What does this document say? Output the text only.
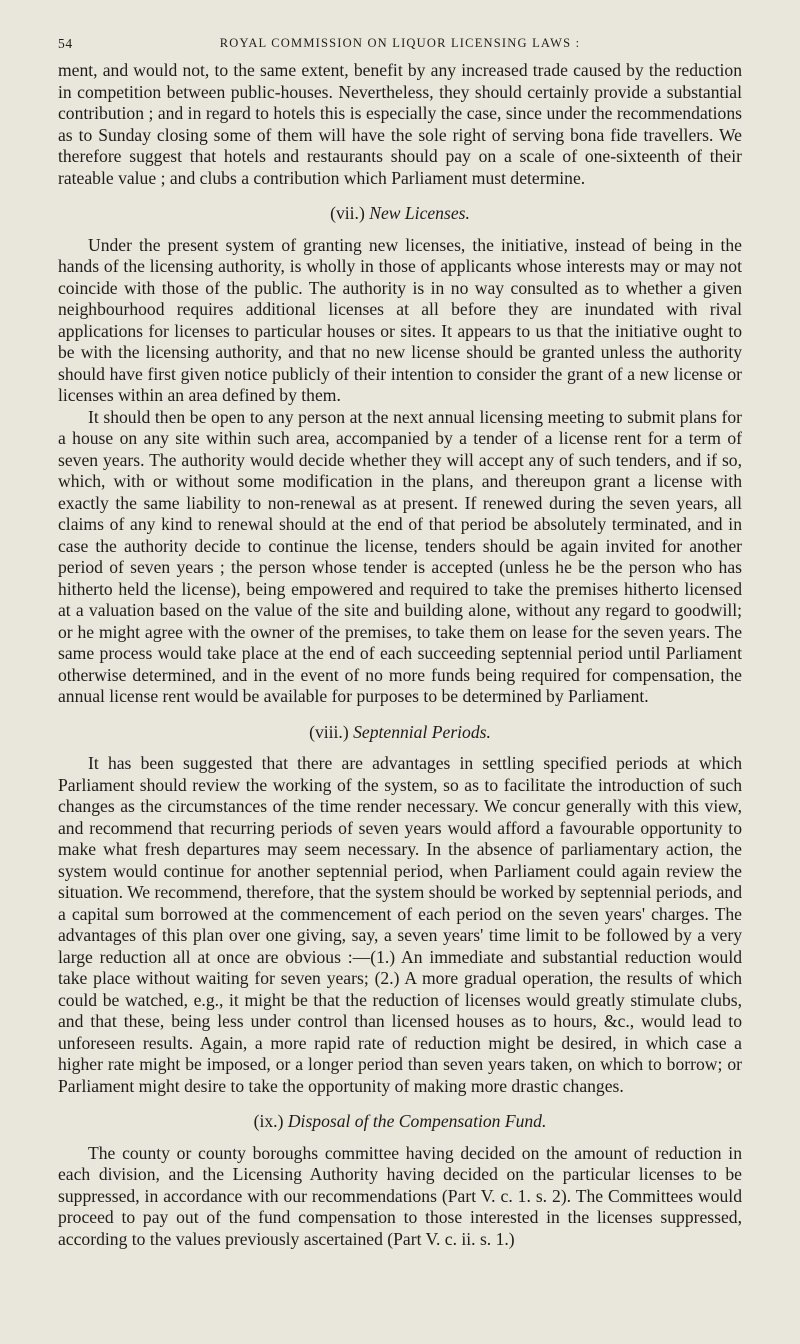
54	ROYAL COMMISSION ON LIQUOR LICENSING LAWS :

ment, and would not, to the same extent, benefit by any increased trade caused by the reduction in competition between public-houses. Nevertheless, they should certainly provide a substantial contribution ; and in regard to hotels this is especially the case, since under the recommendations as to Sunday closing some of them will have the sole right of serving bona fide travellers. We therefore suggest that hotels and restaurants should pay on a scale of one-sixteenth of their rateable value ; and clubs a contribution which Parliament must determine.

(vii.) New Licenses.

Under the present system of granting new licenses, the initiative, instead of being in the hands of the licensing authority, is wholly in those of applicants whose interests may or may not coincide with those of the public. The authority is in no way consulted as to whether a given neighbourhood requires additional licenses at all before they are inundated with rival applications for licenses to particular houses or sites. It appears to us that the initiative ought to be with the licensing authority, and that no new license should be granted unless the authority should have first given notice publicly of their intention to consider the grant of a new license or licenses within an area defined by them.

It should then be open to any person at the next annual licensing meeting to submit plans for a house on any site within such area, accompanied by a tender of a license rent for a term of seven years. The authority would decide whether they will accept any of such tenders, and if so, which, with or without some modification in the plans, and thereupon grant a license with exactly the same liability to non-renewal as at present. If renewed during the seven years, all claims of any kind to renewal should at the end of that period be absolutely terminated, and in case the authority decide to continue the license, tenders should be again invited for another period of seven years ; the person whose tender is accepted (unless he be the person who has hitherto held the license), being empowered and required to take the premises hitherto licensed at a valuation based on the value of the site and building alone, without any regard to goodwill; or he might agree with the owner of the premises, to take them on lease for the seven years. The same process would take place at the end of each succeeding septennial period until Parliament otherwise determined, and in the event of no more funds being required for compensation, the annual license rent would be available for purposes to be determined by Parliament.

(viii.) Septennial Periods.

It has been suggested that there are advantages in settling specified periods at which Parliament should review the working of the system, so as to facilitate the introduction of such changes as the circumstances of the time render necessary. We concur generally with this view, and recommend that recurring periods of seven years would afford a favourable opportunity to make what fresh departures may seem necessary. In the absence of parliamentary action, the system would continue for another septennial period, when Parliament could again review the situation. We recommend, therefore, that the system should be worked by septennial periods, and a capital sum borrowed at the commencement of each period on the seven years' charges. The advantages of this plan over one giving, say, a seven years' time limit to be followed by a very large reduction all at once are obvious :—(1.) An immediate and substantial reduction would take place without waiting for seven years; (2.) A more gradual operation, the results of which could be watched, e.g., it might be that the reduction of licenses would greatly stimulate clubs, and that these, being less under control than licensed houses as to hours, &c., would lead to unforeseen results. Again, a more rapid rate of reduction might be desired, in which case a higher rate might be imposed, or a longer period than seven years taken, on which to borrow; or Parliament might desire to take the opportunity of making more drastic changes.

(ix.) Disposal of the Compensation Fund.

The county or county boroughs committee having decided on the amount of reduction in each division, and the Licensing Authority having decided on the particular licenses to be suppressed, in accordance with our recommendations (Part V. c. 1. s. 2). The Committees would proceed to pay out of the fund compensation to those interested in the licenses suppressed, according to the values previously ascertained (Part V. c. ii. s. 1.)
